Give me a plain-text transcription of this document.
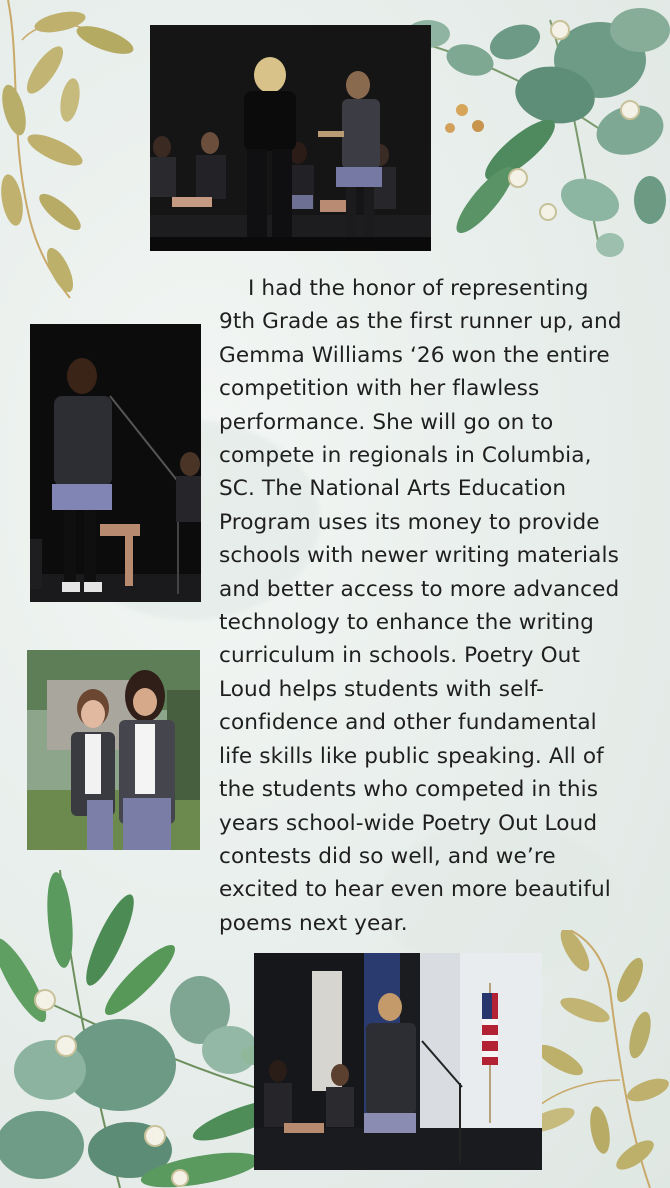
I had the honor of representing
9th Grade as the first runner up, and
Gemma Williams ‘26 won the entire
competition with her flawless
performance. She will go on to
compete in regionals in Columbia,
SC. The National Arts Education
Program uses its money to provide
schools with newer writing materials
and better access to more advanced
technology to enhance the writing
curriculum in schools. Poetry Out
Loud helps students with self-
confidence and other fundamental
life skills like public speaking. All of
the students who competed in this
years school-wide Poetry Out Loud
contests did so well, and we’re
excited to hear even more beautiful
poems next year.
